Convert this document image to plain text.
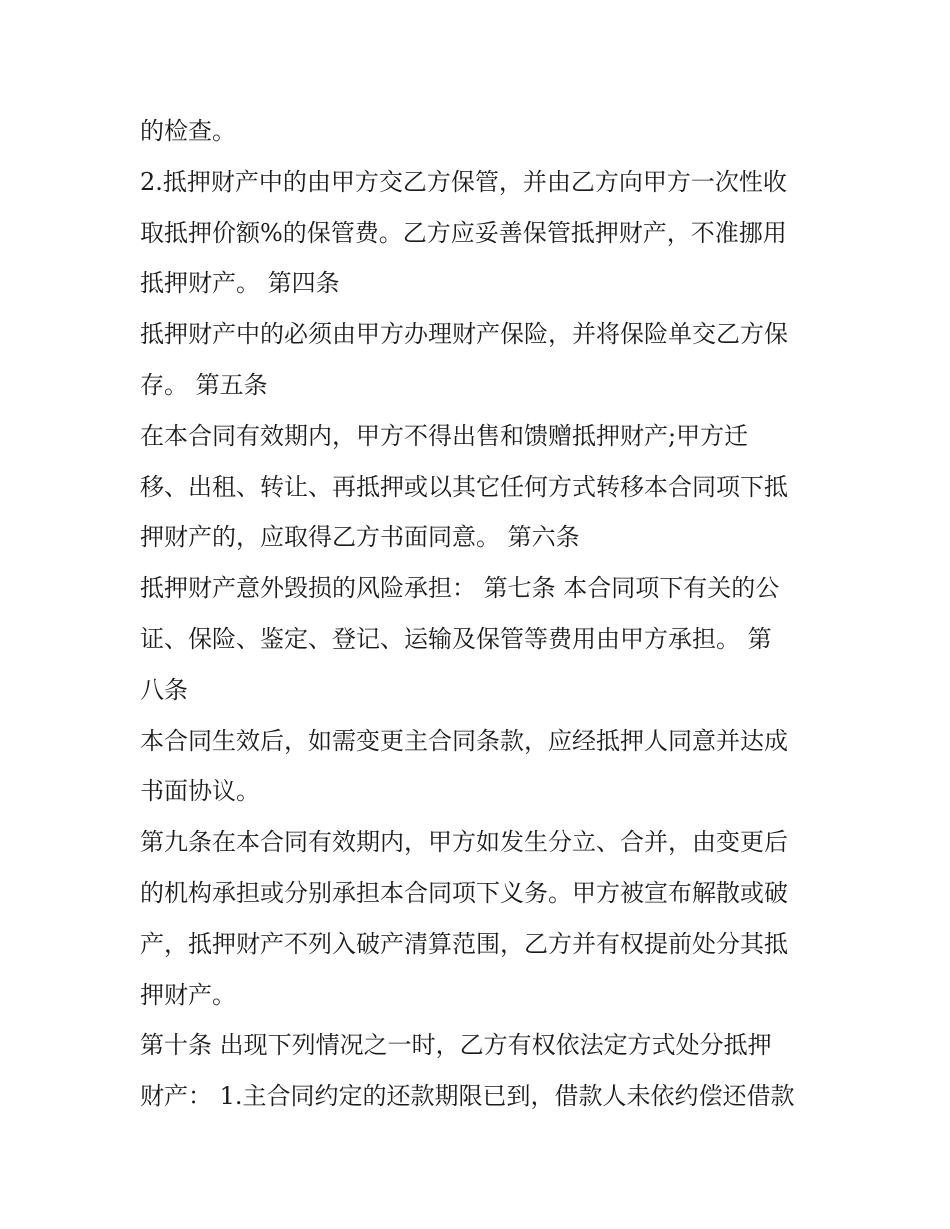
的检查。
2.抵押财产中的由甲方交乙方保管，并由乙方向甲方一次性收
取抵押价额%的保管费。乙方应妥善保管抵押财产，不准挪用
抵押财产。 第四条
抵押财产中的必须由甲方办理财产保险，并将保险单交乙方保
存。 第五条
在本合同有效期内，甲方不得出售和馈赠抵押财产;甲方迁
移、出租、转让、再抵押或以其它任何方式转移本合同项下抵
押财产的，应取得乙方书面同意。 第六条
抵押财产意外毁损的风险承担： 第七条 本合同项下有关的公
证、保险、鉴定、登记、运输及保管等费用由甲方承担。 第
八条
本合同生效后，如需变更主合同条款，应经抵押人同意并达成
书面协议。
第九条在本合同有效期内，甲方如发生分立、合并，由变更后
的机构承担或分别承担本合同项下义务。甲方被宣布解散或破
产，抵押财产不列入破产清算范围，乙方并有权提前处分其抵
押财产。
第十条 出现下列情况之一时，乙方有权依法定方式处分抵押
财产： 1.主合同约定的还款期限已到，借款人未依约偿还借款
